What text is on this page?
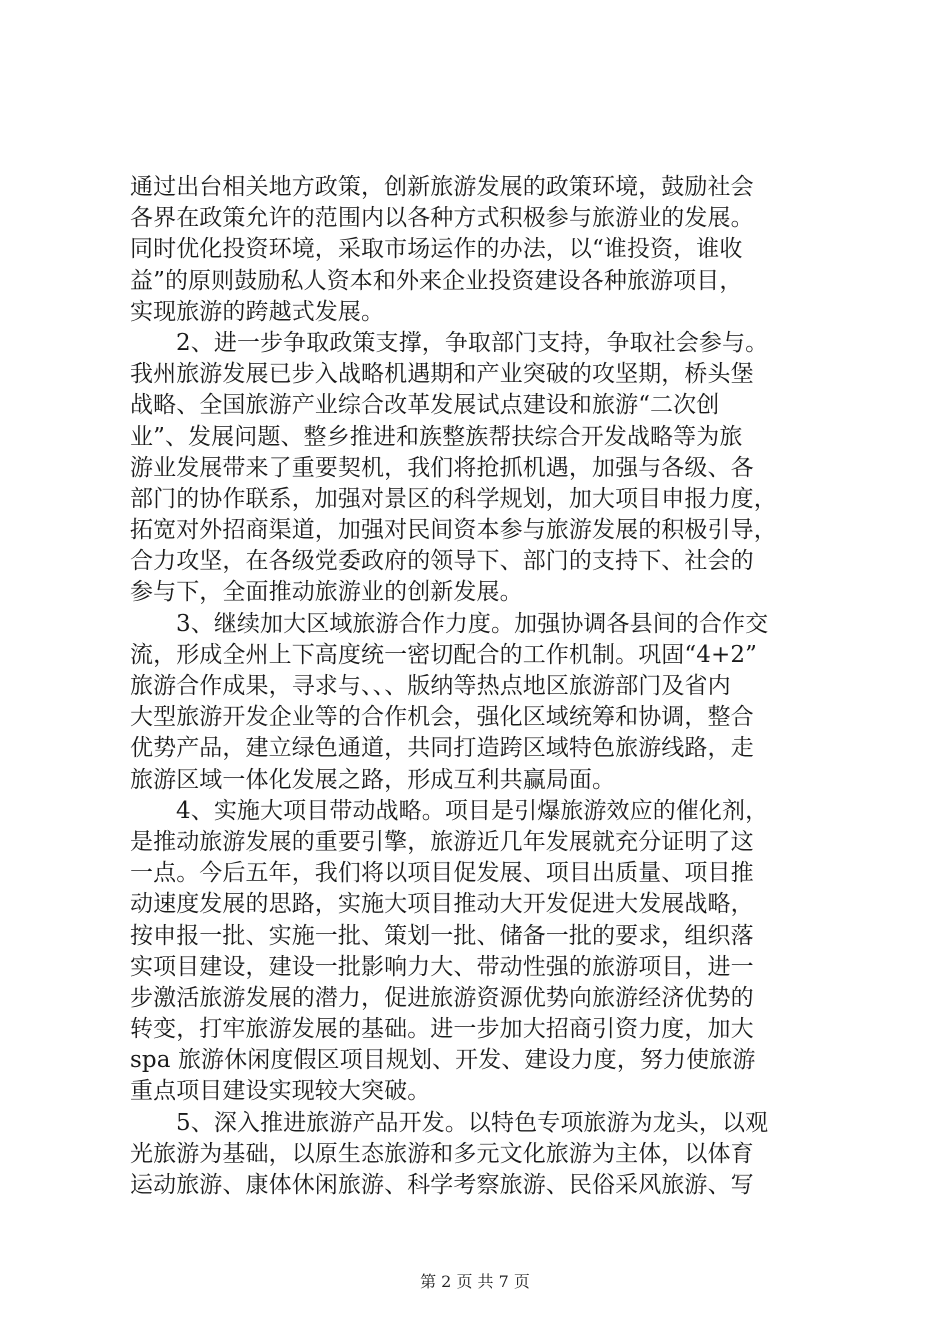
通过出台相关地方政策，创新旅游发展的政策环境，鼓励社会
各界在政策允许的范围内以各种方式积极参与旅游业的发展。
同时优化投资环境，采取市场运作的办法，以“谁投资，谁收
益”的原则鼓励私人资本和外来企业投资建设各种旅游项目，
实现旅游的跨越式发展。
2、进一步争取政策支撑，争取部门支持，争取社会参与。
我州旅游发展已步入战略机遇期和产业突破的攻坚期，桥头堡
战略、全国旅游产业综合改革发展试点建设和旅游“二次创
业”、发展问题、整乡推进和族整族帮扶综合开发战略等为旅
游业发展带来了重要契机，我们将抢抓机遇，加强与各级、各
部门的协作联系，加强对景区的科学规划，加大项目申报力度，
拓宽对外招商渠道，加强对民间资本参与旅游发展的积极引导，
合力攻坚，在各级党委政府的领导下、部门的支持下、社会的
参与下，全面推动旅游业的创新发展。
3、继续加大区域旅游合作力度。加强协调各县间的合作交
流，形成全州上下高度统一密切配合的工作机制。巩固“4+2”
旅游合作成果，寻求与、、、版纳等热点地区旅游部门及省内
大型旅游开发企业等的合作机会，强化区域统筹和协调，整合
优势产品，建立绿色通道，共同打造跨区域特色旅游线路，走
旅游区域一体化发展之路，形成互利共赢局面。
4、实施大项目带动战略。项目是引爆旅游效应的催化剂，
是推动旅游发展的重要引擎，旅游近几年发展就充分证明了这
一点。今后五年，我们将以项目促发展、项目出质量、项目推
动速度发展的思路，实施大项目推动大开发促进大发展战略，
按申报一批、实施一批、策划一批、储备一批的要求，组织落
实项目建设，建设一批影响力大、带动性强的旅游项目，进一
步激活旅游发展的潜力，促进旅游资源优势向旅游经济优势的
转变，打牢旅游发展的基础。进一步加大招商引资力度，加大
spa 旅游休闲度假区项目规划、开发、建设力度，努力使旅游
重点项目建设实现较大突破。
5、深入推进旅游产品开发。以特色专项旅游为龙头，以观
光旅游为基础，以原生态旅游和多元文化旅游为主体，以体育
运动旅游、康体休闲旅游、科学考察旅游、民俗采风旅游、写
第 2 页 共 7 页
